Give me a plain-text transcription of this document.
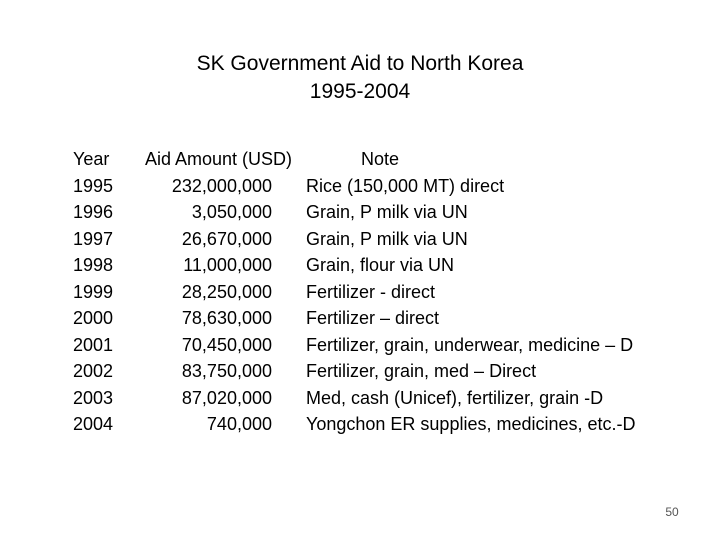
SK Government Aid to North Korea
1995-2004
Year Aid Amount (USD)	Note
1995	232,000,000 Rice (150,000 MT) direct
1996	3,050,000 Grain, P milk via UN
1997	26,670,000 Grain, P milk via UN
1998	11,000,000 Grain, flour via UN
1999	28,250,000 Fertilizer - direct
2000	78,630,000 Fertilizer – direct
2001	70,450,000 Fertilizer, grain, underwear, medicine – D
2002	83,750,000 Fertilizer, grain, med – Direct
2003	87,020,000 Med, cash (Unicef), fertilizer, grain -D
2004	740,000 Yongchon ER supplies, medicines, etc.-D
50
